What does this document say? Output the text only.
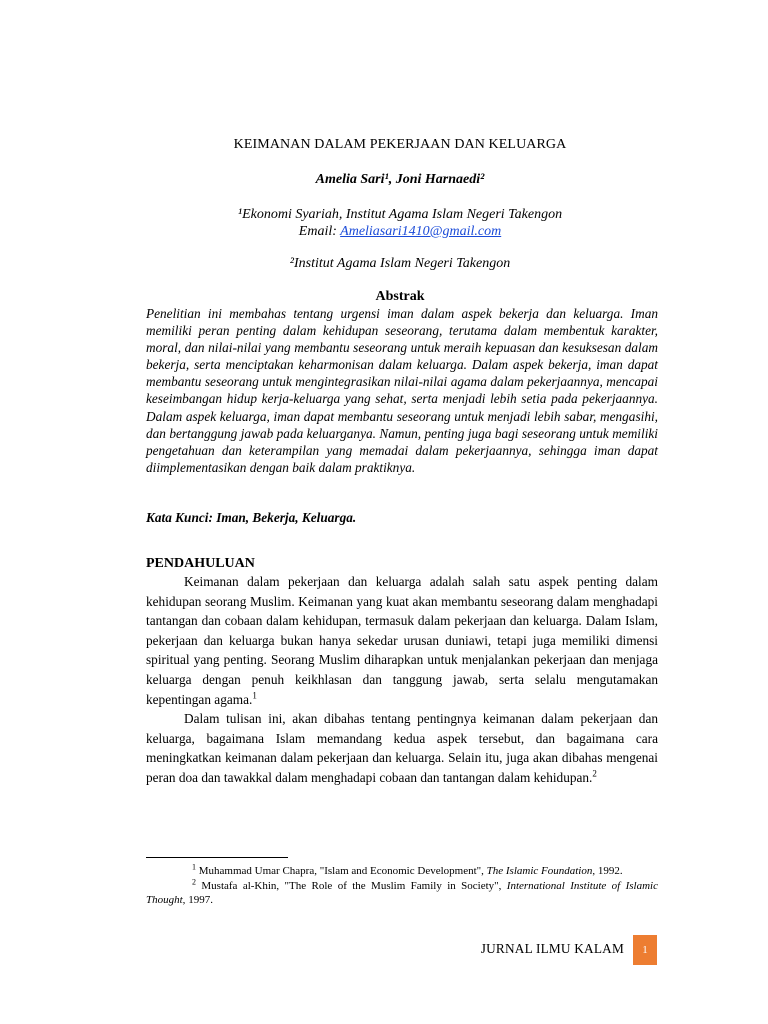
KEIMANAN DALAM PEKERJAAN DAN KELUARGA
Amelia Sari¹, Joni Harnaedi²
¹Ekonomi Syariah, Institut Agama Islam Negeri Takengon
Email: Ameliasari1410@gmail.com
²Institut Agama Islam Negeri Takengon
Abstrak

Penelitian ini membahas tentang urgensi iman dalam aspek bekerja dan keluarga. Iman memiliki peran penting dalam kehidupan seseorang, terutama dalam membentuk karakter, moral, dan nilai-nilai yang membantu seseorang untuk meraih kepuasan dan kesuksesan dalam bekerja, serta menciptakan keharmonisan dalam keluarga. Dalam aspek bekerja, iman dapat membantu seseorang untuk mengintegrasikan nilai-nilai agama dalam pekerjaannya, mencapai keseimbangan hidup kerja-keluarga yang sehat, serta menjadi lebih setia pada pekerjaannya. Dalam aspek keluarga, iman dapat membantu seseorang untuk menjadi lebih sabar, mengasihi, dan bertanggung jawab pada keluarganya. Namun, penting juga bagi seseorang untuk memiliki pengetahuan dan keterampilan yang memadai dalam pekerjaannya, sehingga iman dapat diimplementasikan dengan baik dalam praktiknya.

Kata Kunci: Iman, Bekerja, Keluarga.
PENDAHULUAN

Keimanan dalam pekerjaan dan keluarga adalah salah satu aspek penting dalam kehidupan seorang Muslim. Keimanan yang kuat akan membantu seseorang dalam menghadapi tantangan dan cobaan dalam kehidupan, termasuk dalam pekerjaan dan keluarga. Dalam Islam, pekerjaan dan keluarga bukan hanya sekedar urusan duniawi, tetapi juga memiliki dimensi spiritual yang penting. Seorang Muslim diharapkan untuk menjalankan pekerjaan dan menjaga keluarga dengan penuh keikhlasan dan tanggung jawab, serta selalu mengutamakan kepentingan agama.$^1$

Dalam tulisan ini, akan dibahas tentang pentingnya keimanan dalam pekerjaan dan keluarga, bagaimana Islam memandang kedua aspek tersebut, dan bagaimana cara meningkatkan keimanan dalam pekerjaan dan keluarga. Selain itu, juga akan dibahas mengenai peran doa dan tawakkal dalam menghadapi cobaan dan tantangan dalam kehidupan.$^2$

$^1$ Muhammad Umar Chapra, "Islam and Economic Development", The Islamic Foundation, 1992.

$^2$ Mustafa al-Khin, "The Role of the Muslim Family in Society", International Institute of Islamic Thought, 1997.

JURNAL ILMU KALAM 1
